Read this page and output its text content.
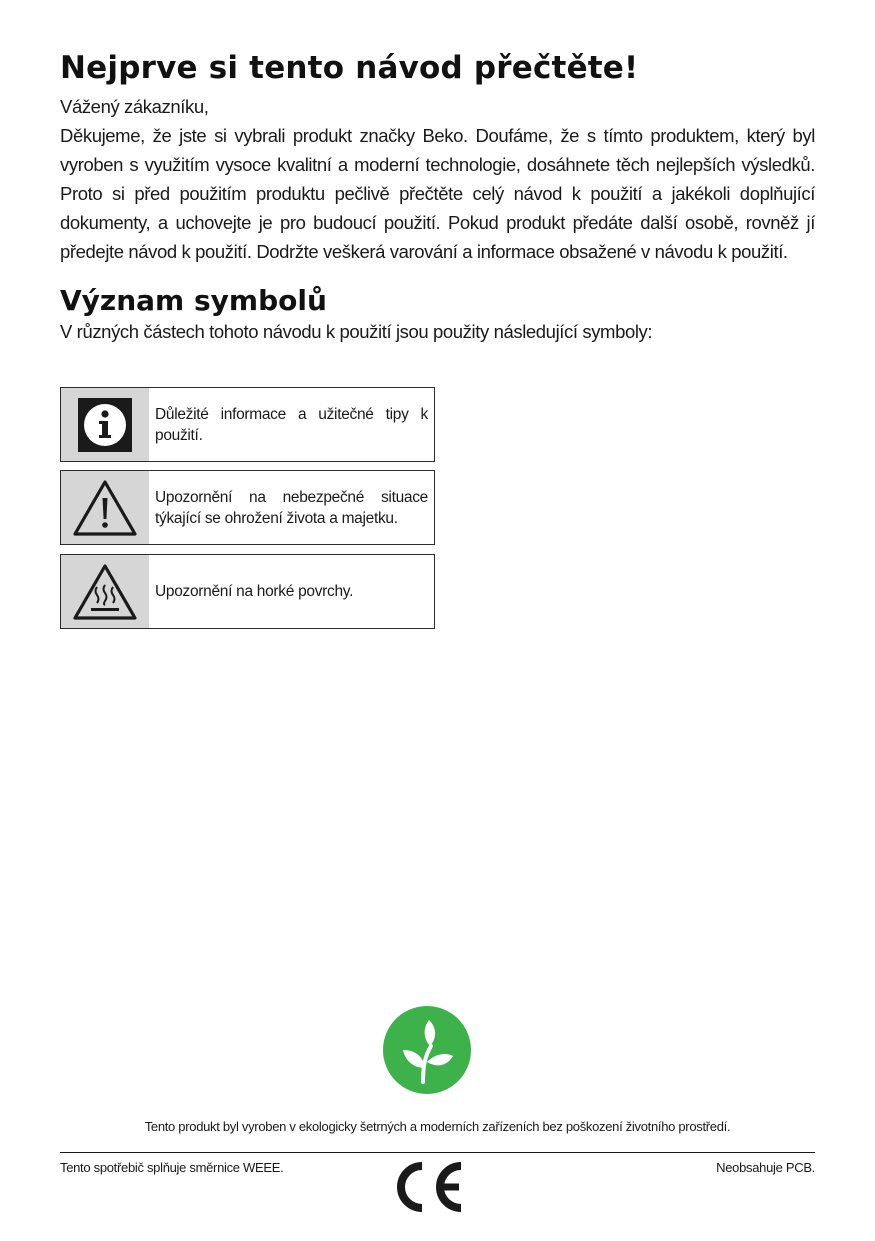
Nejprve si tento návod přečtěte!

Vážený zákazníku,

Děkujeme, že jste si vybrali produkt značky Beko. Doufáme, že s tímto produktem, který byl vyroben s využitím vysoce kvalitní a moderní technologie, dosáhnete těch nejlepších výsledků. Proto si před použitím produktu pečlivě přečtěte celý návod k použití a jakékoli doplňující dokumenty, a uchovejte je pro budoucí použití. Pokud produkt předáte další osobě, rovněž jí předejte návod k použití. Dodržte veškerá varování a informace obsažené v návodu k použití.

Význam symbolů
V různých částech tohoto návodu k použití jsou použity následující symboly:
Důležité informace a užitečné tipy k použití.
Upozornění na nebezpečné situace týkající se ohrožení života a majetku.
Upozornění na horké povrchy.
Tento produkt byl vyroben v ekologicky šetrných a moderních zařízeních bez poškození životního prostředí.
Tento spotřebič splňuje směrnice WEEE.	Neobsahuje PCB.
